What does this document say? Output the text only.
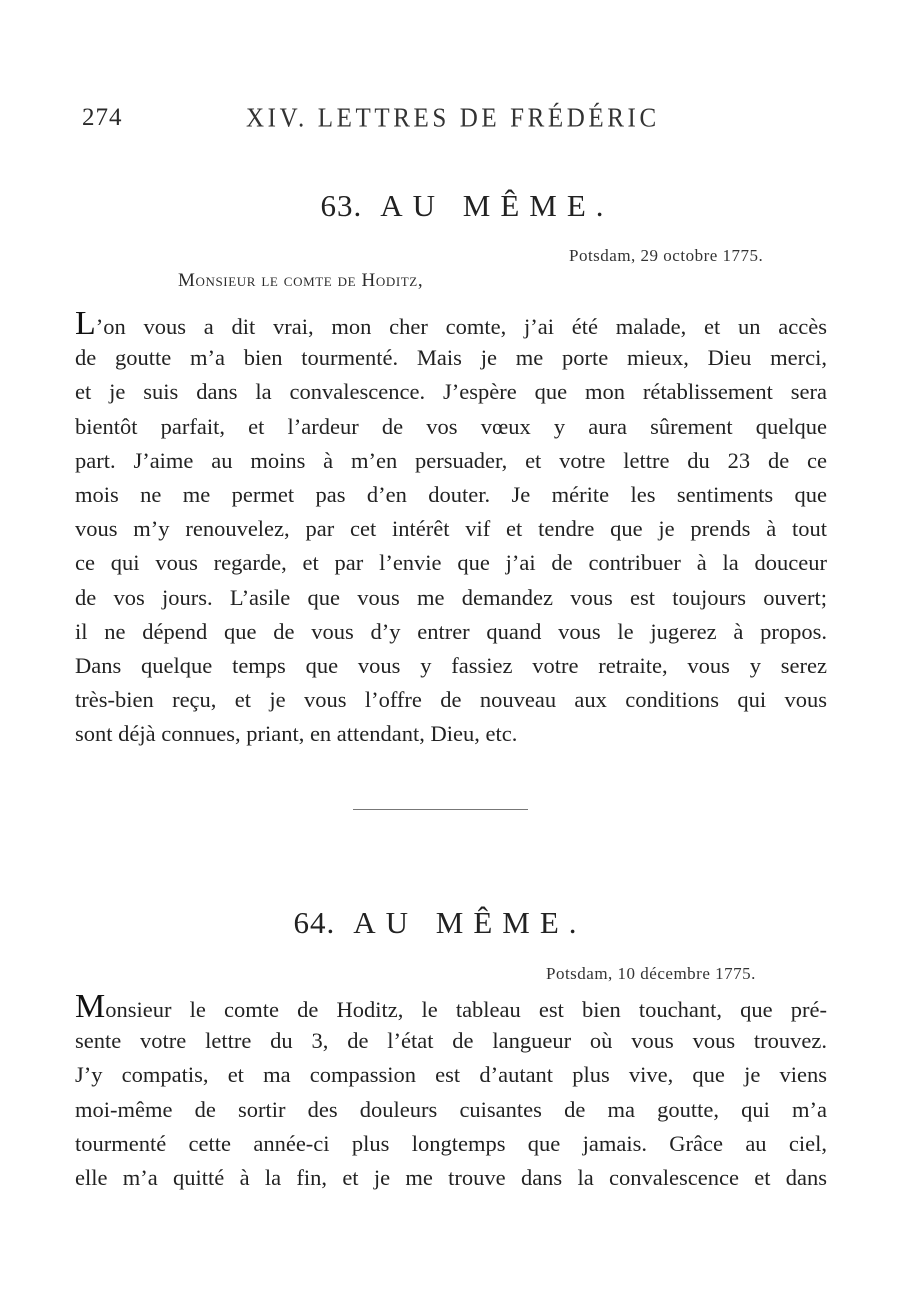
274	XIV. LETTRES DE FRÉDÉRIC
63. AU MÊME.
Potsdam, 29 octobre 1775.
Monsieur le comte de Hoditz,
L’on vous a dit vrai, mon cher comte, j’ai été malade, et un accès
de goutte m’a bien tourmenté. Mais je me porte mieux, Dieu merci,
et je suis dans la convalescence. J’espère que mon rétablissement sera
bientôt parfait, et l’ardeur de vos vœux y aura sûrement quelque
part. J’aime au moins à m’en persuader, et votre lettre du 23 de ce
mois ne me permet pas d’en douter. Je mérite les sentiments que
vous m’y renouvelez, par cet intérêt vif et tendre que je prends à tout
ce qui vous regarde, et par l’envie que j’ai de contribuer à la douceur
de vos jours. L’asile que vous me demandez vous est toujours ouvert;
il ne dépend que de vous d’y entrer quand vous le jugerez à propos.
Dans quelque temps que vous y fassiez votre retraite, vous y serez
très-bien reçu, et je vous l’offre de nouveau aux conditions qui vous
sont déjà connues, priant, en attendant, Dieu, etc.
64. AU MÊME.
Potsdam, 10 décembre 1775.
Monsieur le comte de Hoditz, le tableau est bien touchant, que pré-
sente votre lettre du 3, de l’état de langueur où vous vous trouvez.
J’y compatis, et ma compassion est d’autant plus vive, que je viens
moi-même de sortir des douleurs cuisantes de ma goutte, qui m’a
tourmenté cette année-ci plus longtemps que jamais. Grâce au ciel,
elle m’a quitté à la fin, et je me trouve dans la convalescence et dans
